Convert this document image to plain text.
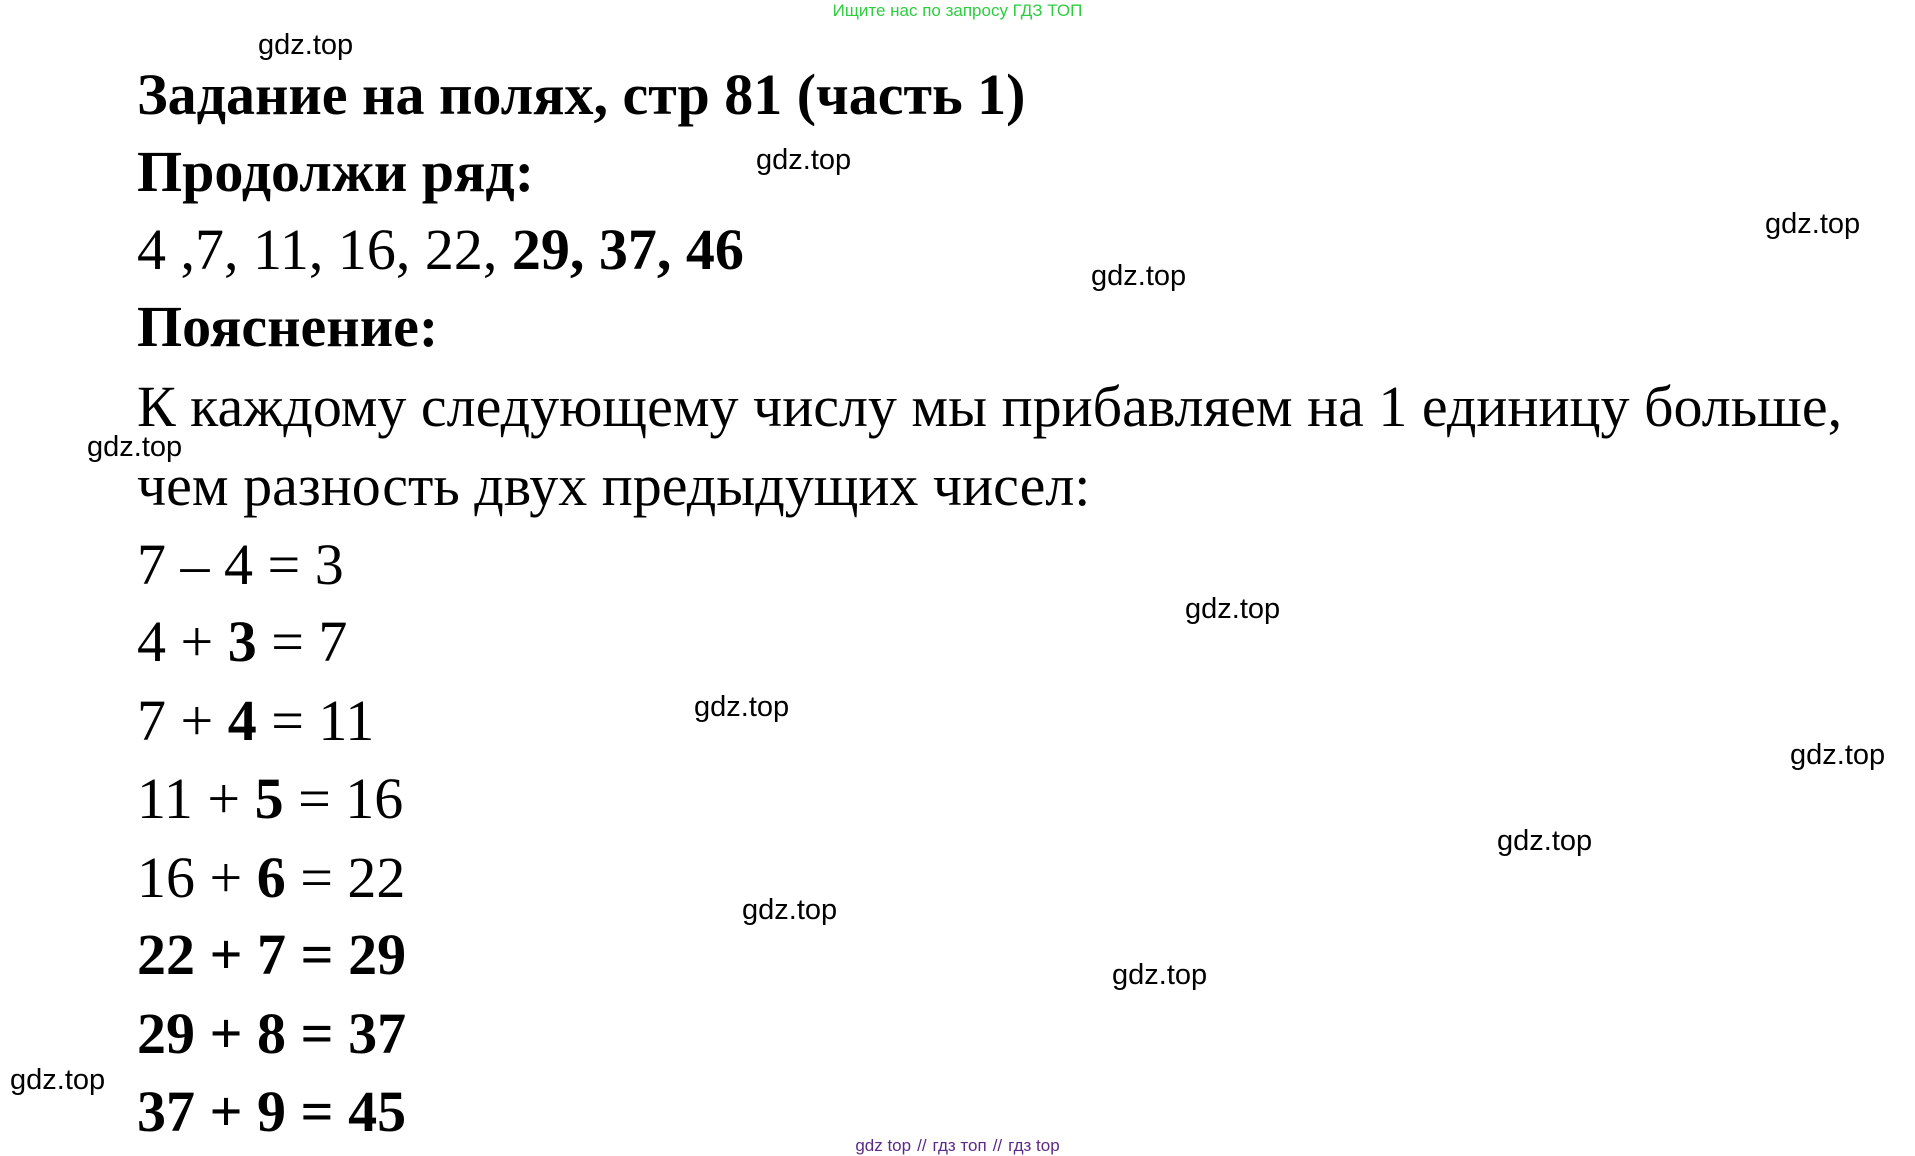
Ищите нас по запросу ГДЗ ТОП
gdz.top
gdz.top
gdz.top
gdz.top
gdz.top
gdz.top
gdz.top
gdz.top
gdz.top
gdz.top
gdz.top
gdz.top
Задание на полях, стр 81 (часть 1)
Продолжи ряд:
4 ,7, 11, 16, 22, 29, 37, 46
Пояснение:
К каждому следующему числу мы прибавляем на 1 единицу больше,
чем разность двух предыдущих чисел:
7 – 4 = 3
4 + 3 = 7
7 + 4 = 11
11 + 5 = 16
16 + 6 = 22
22 + 7 = 29
29 + 8 = 37
37 + 9 = 45
gdz top // гдз топ // гдз top
